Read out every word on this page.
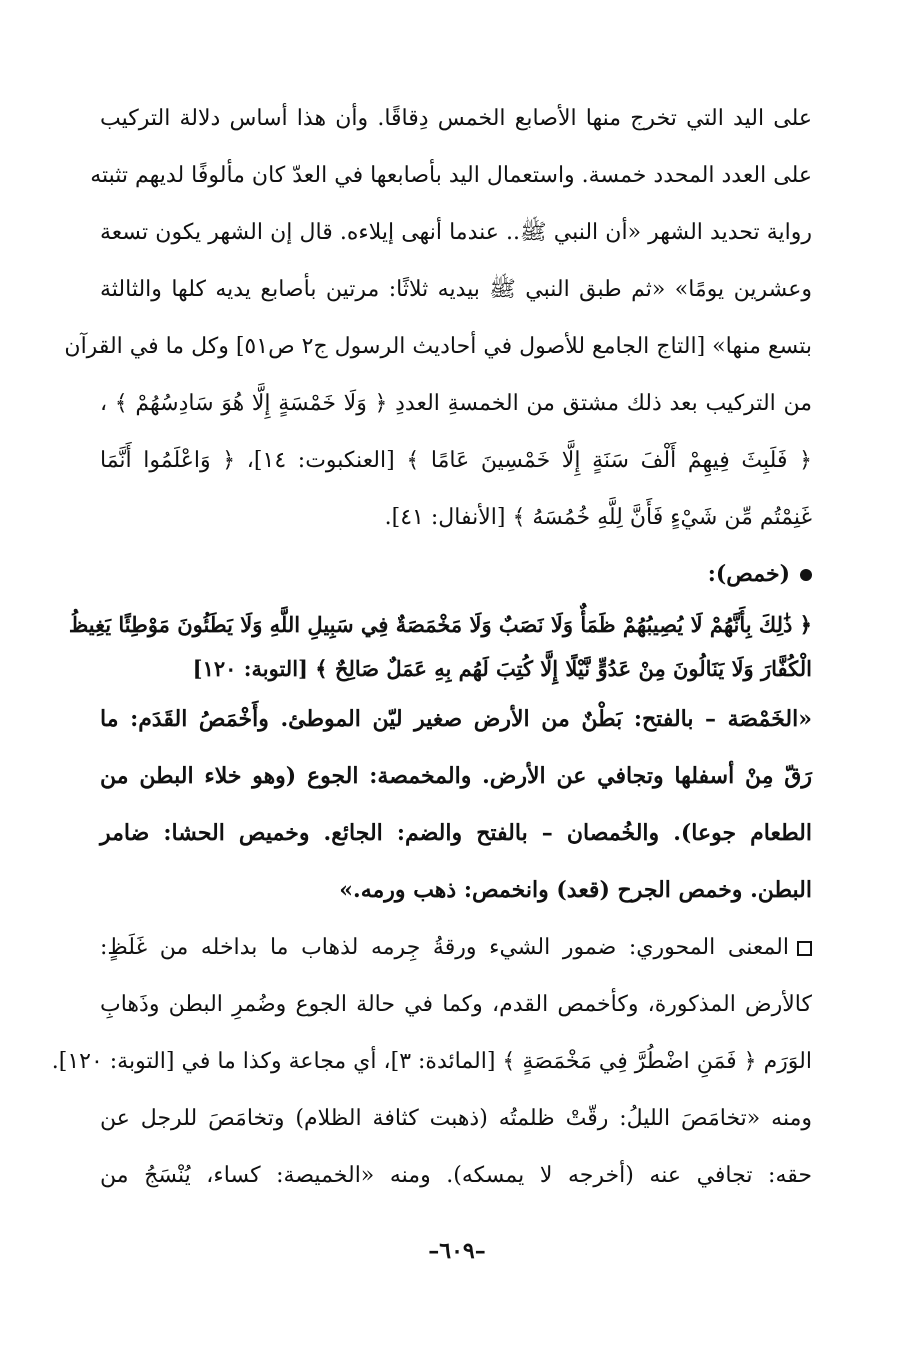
على اليد التي تخرج منها الأصابع الخمس دِقاقًا. وأن هذا أساس دلالة التركيب
على العدد المحدد خمسة. واستعمال اليد بأصابعها في العدّ كان مألوفًا لديهم تثبته
رواية تحديد الشهر «أن النبي ﷺ.. عندما أنهى إيلاءه. قال إن الشهر يكون تسعة
وعشرين يومًا» «ثم طبق النبي ﷺ بيديه ثلاثًا: مرتين بأصابع يديه كلها والثالثة
بتسع منها» [التاج الجامع للأصول في أحاديث الرسول ج٢ ص٥١] وكل ما في القرآن
من التركيب بعد ذلك مشتق من الخمسةِ العددِ ﴿ وَلَا خَمْسَةٍ إِلَّا هُوَ سَادِسُهُمْ ﴾ ،
﴿ فَلَبِثَ فِيهِمْ أَلْفَ سَنَةٍ إِلَّا خَمْسِينَ عَامًا ﴾ [العنكبوت: ١٤]، ﴿ وَاعْلَمُوا أَنَّمَا
غَنِمْتُم مِّن شَيْءٍ فَأَنَّ لِلَّهِ خُمُسَهُ ﴾ [الأنفال: ٤١].
(خمص):
﴿ ذَٰلِكَ بِأَنَّهُمْ لَا يُصِيبُهُمْ ظَمَأٌ وَلَا نَصَبٌ وَلَا مَخْمَصَةٌ فِي سَبِيلِ اللَّهِ وَلَا يَطَئُونَ مَوْطِئًا يَغِيظُ
الْكُفَّارَ وَلَا يَنَالُونَ مِنْ عَدُوٍّ نَّيْلًا إِلَّا كُتِبَ لَهُم بِهِ عَمَلٌ صَالِحٌ ﴾ [التوبة: ١٢٠]
«الخَمْصَة – بالفتح: بَطْنٌ من الأرض صغير ليّن الموطئ. وأَخْمَصُ القَدَم: ما
رَقّ مِنْ أسفلها وتجافي عن الأرض. والمخمصة: الجوع (وهو خلاء البطن من
الطعام جوعا). والخُمصان – بالفتح والضم: الجائع. وخميص الحشا: ضامر
البطن. وخمص الجرح (قعد) وانخمص: ذهب ورمه.»
المعنى المحوري: ضمور الشيء ورقةُ جِرمه لذهاب ما بداخله من غَلَظٍ:
كالأرض المذكورة، وكأخمص القدم، وكما في حالة الجوع وضُمرِ البطن وذَهابِ
الوَرَم ﴿ فَمَنِ اضْطُرَّ فِي مَخْمَصَةٍ ﴾ [المائدة: ٣]، أي مجاعة وكذا ما في [التوبة: ١٢٠].
ومنه «تخامَصَ الليلُ: رقّتْ ظلمتُه (ذهبت كثافة الظلام) وتخامَصَ للرجل عن
حقه: تجافي عنه (أخرجه لا يمسكه). ومنه «الخميصة: كساء، يُنْسَجُ من
–٦٠٩–
